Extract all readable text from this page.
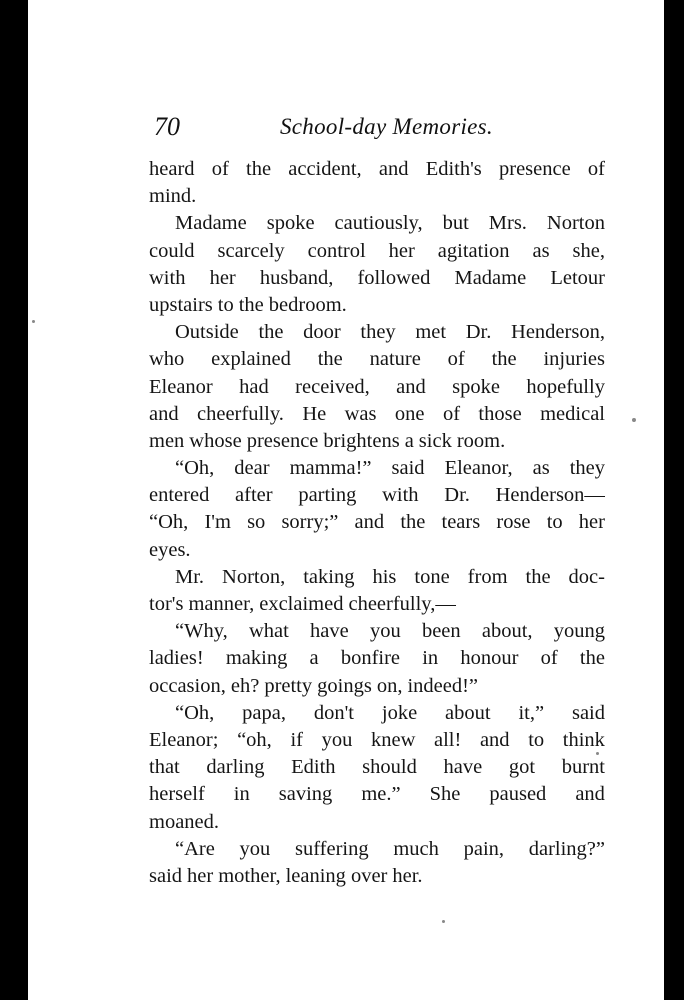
70	School-day Memories.
heard of the accident, and Edith's presence of
mind.
Madame spoke cautiously, but Mrs. Norton
could scarcely control her agitation as she,
with her husband, followed Madame Letour
upstairs to the bedroom.
Outside the door they met Dr. Henderson,
who explained the nature of the injuries
Eleanor had received, and spoke hopefully
and cheerfully. He was one of those medical
men whose presence brightens a sick room.
“Oh, dear mamma!” said Eleanor, as they
entered after parting with Dr. Henderson—
“Oh, I'm so sorry;” and the tears rose to her
eyes.
Mr. Norton, taking his tone from the doc-
tor's manner, exclaimed cheerfully,—
“Why, what have you been about, young
ladies! making a bonfire in honour of the
occasion, eh? pretty goings on, indeed!”
“Oh, papa, don't joke about it,” said
Eleanor; “oh, if you knew all! and to think
that darling Edith should have got burnt
herself in saving me.” She paused and
moaned.
“Are you suffering much pain, darling?”
said her mother, leaning over her.
